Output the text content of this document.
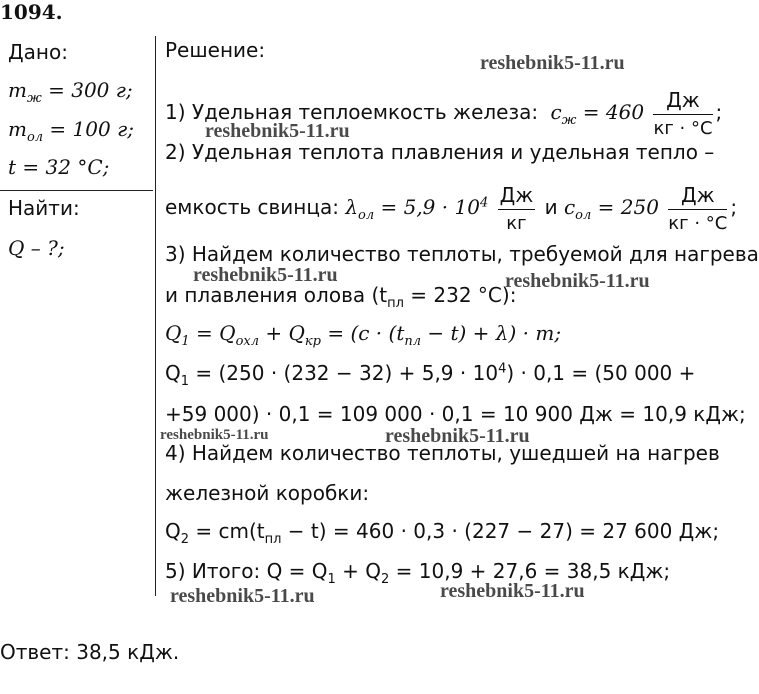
1094.
Дано:
$m_ж = 300$ г;
$m_{ол} = 100$ г;
t = 32 °C;
Найти:
Q – ?;
Решение:
1) Удельная теплоемкость железа: $c_ж = 460 \frac{Дж}{кг \cdot ^\circ C}$ ;
2) Удельная теплота плавления и удельная тепло –
емкость свинца: $\lambda_{ол} = 5,9 \cdot 10^4 \frac{Дж}{кг}$ и $c_{ол} = 250 \frac{Дж}{кг \cdot ^\circ C}$ ;
3) Найдем количество теплоты, требуемой для нагрева
и плавления олова ($t_{пл} = 232$ °C):
$Q_1 = Q_{охл} + Q_{кр} = (c \cdot (t_{пл} - t) + \lambda) \cdot m$;
$Q_1 = (250 \cdot (232 - 32) + 5,9 \cdot 10^4) \cdot 0,1 = (50$ 000 +
+59 000) · 0,1 = 109 000 · 0,1 = 10 900 Дж = 10,9 кДж;
4) Найдем количество теплоты, ушедшей на нагрев
железной коробки:
$Q_2 = cm(t_{пл} - t) = 460 \cdot 0,3 \cdot (227 - 27) = 27$ 600 Дж;
5) Итого: $Q = Q_1 + Q_2 = 10,9 + 27,6 = 38,5$ кДж;
Ответ: 38,5 кДж.
reshebnik5-11.ru
reshebnik5-11.ru
reshebnik5-11.ru	reshebnik5-11.ru
reshebnik5-11.ru	reshebnik5-11.ru
reshebnik5-11.ru	reshebnik5-11.ru
